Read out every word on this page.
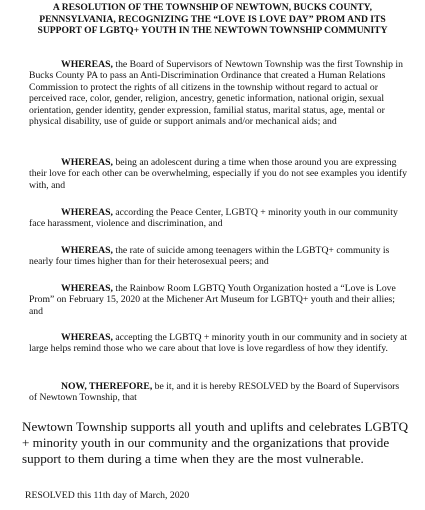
A RESOLUTION OF THE TOWNSHIP OF NEWTOWN, BUCKS COUNTY, PENNSYLVANIA, RECOGNIZING THE “LOVE IS LOVE DAY” PROM AND ITS SUPPORT OF LGBTQ+ YOUTH IN THE NEWTOWN TOWNSHIP COMMUNITY

WHEREAS, the Board of Supervisors of Newtown Township was the first Township in Bucks County PA to pass an Anti-Discrimination Ordinance that created a Human Relations Commission to protect the rights of all citizens in the township without regard to actual or perceived race, color, gender, religion, ancestry, genetic information, national origin, sexual orientation, gender identity, gender expression, familial status, marital status, age, mental or physical disability, use of guide or support animals and/or mechanical aids; and

WHEREAS, being an adolescent during a time when those around you are expressing their love for each other can be overwhelming, especially if you do not see examples you identify with, and

WHEREAS, according the Peace Center, LGBTQ + minority youth in our community face harassment, violence and discrimination, and

WHEREAS, the rate of suicide among teenagers within the LGBTQ+ community is nearly four times higher than for their heterosexual peers; and

WHEREAS, the Rainbow Room LGBTQ Youth Organization hosted a “Love is Love Prom” on February 15, 2020 at the Michener Art Museum for LGBTQ+ youth and their allies; and

WHEREAS, accepting the LGBTQ + minority youth in our community and in society at large helps remind those who we care about that love is love regardless of how they identify.

NOW, THEREFORE, be it, and it is hereby RESOLVED by the Board of Supervisors of Newtown Township, that

Newtown Township supports all youth and uplifts and celebrates LGBTQ + minority youth in our community and the organizations that provide support to them during a time when they are the most vulnerable.

RESOLVED this 11th day of March, 2020
